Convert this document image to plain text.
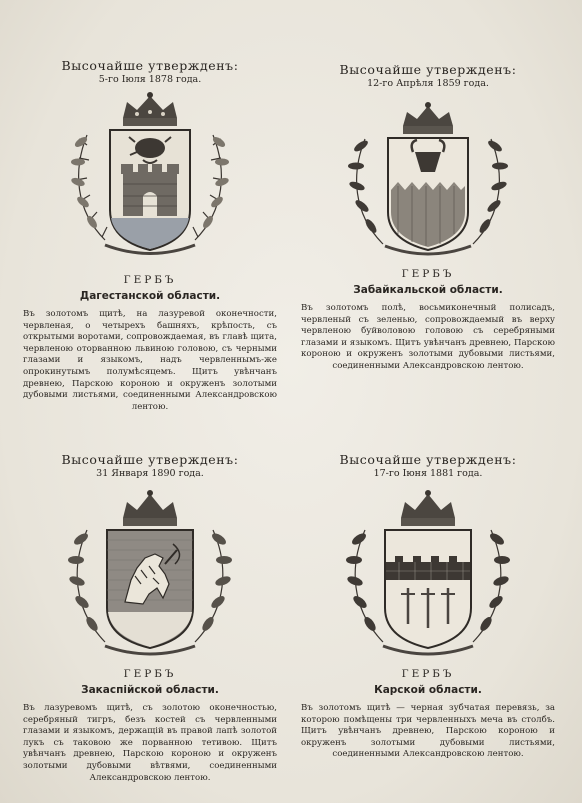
Высочайше утвержденъ:

5-го Іюля 1878 года.

ГЕРБЪ

Дагестанской области.

Въ золотомъ щитѣ, на лазуревой оконечности, червленая, о четырехъ башняхъ, крѣпость, съ открытыми воротами, сопровождаемая, въ главѣ щита, червленою оторванною львиною головою, съ черными глазами и языкомъ, надъ червленнымъ-же опрокинутымъ полумѣсяцемъ. Щитъ увѣнчанъ древнею, Парскою короною и окруженъ золотыми дубовыми листьями, соединенными Александровскою лентою.

Высочайше утвержденъ:

12-го Апрѣля 1859 года.

ГЕРБЪ

Забайкальской области.

Въ золотомъ полѣ, восьмиконечный полисадъ, червленый съ зеленью, сопровождаемый въ верху червленою буйволовою головою съ серебряными глазами и языкомъ. Щитъ увѣнчанъ древнею, Парскою короною и окруженъ золотыми дубовыми листьями, соединенными Александровскою лентою.

Высочайше утвержденъ:

31 Января 1890 года.

ГЕРБЪ

Закаспійской области.

Въ лазуревомъ щитѣ, съ золотою оконечностью, серебряный тигръ, безъ костей съ червленными глазами и языкомъ, держащій въ правой лапѣ золотой лукъ съ таковою же порванною тетивою. Щитъ увѣнчанъ древнею, Парскою короною и окруженъ золотыми дубовыми вѣтвями, соединенными Александровскою лентою.

Высочайше утвержденъ:

17-го Іюня 1881 года.

ГЕРБЪ

Карской области.

Въ золотомъ щитѣ — черная зубчатая перевязь, за которою помѣщены три червленныхъ меча въ столбъ. Щитъ увѣнчанъ древнею, Парскою короною и окруженъ золотыми дубовыми листьями, соединенными Александровскою лентою.
